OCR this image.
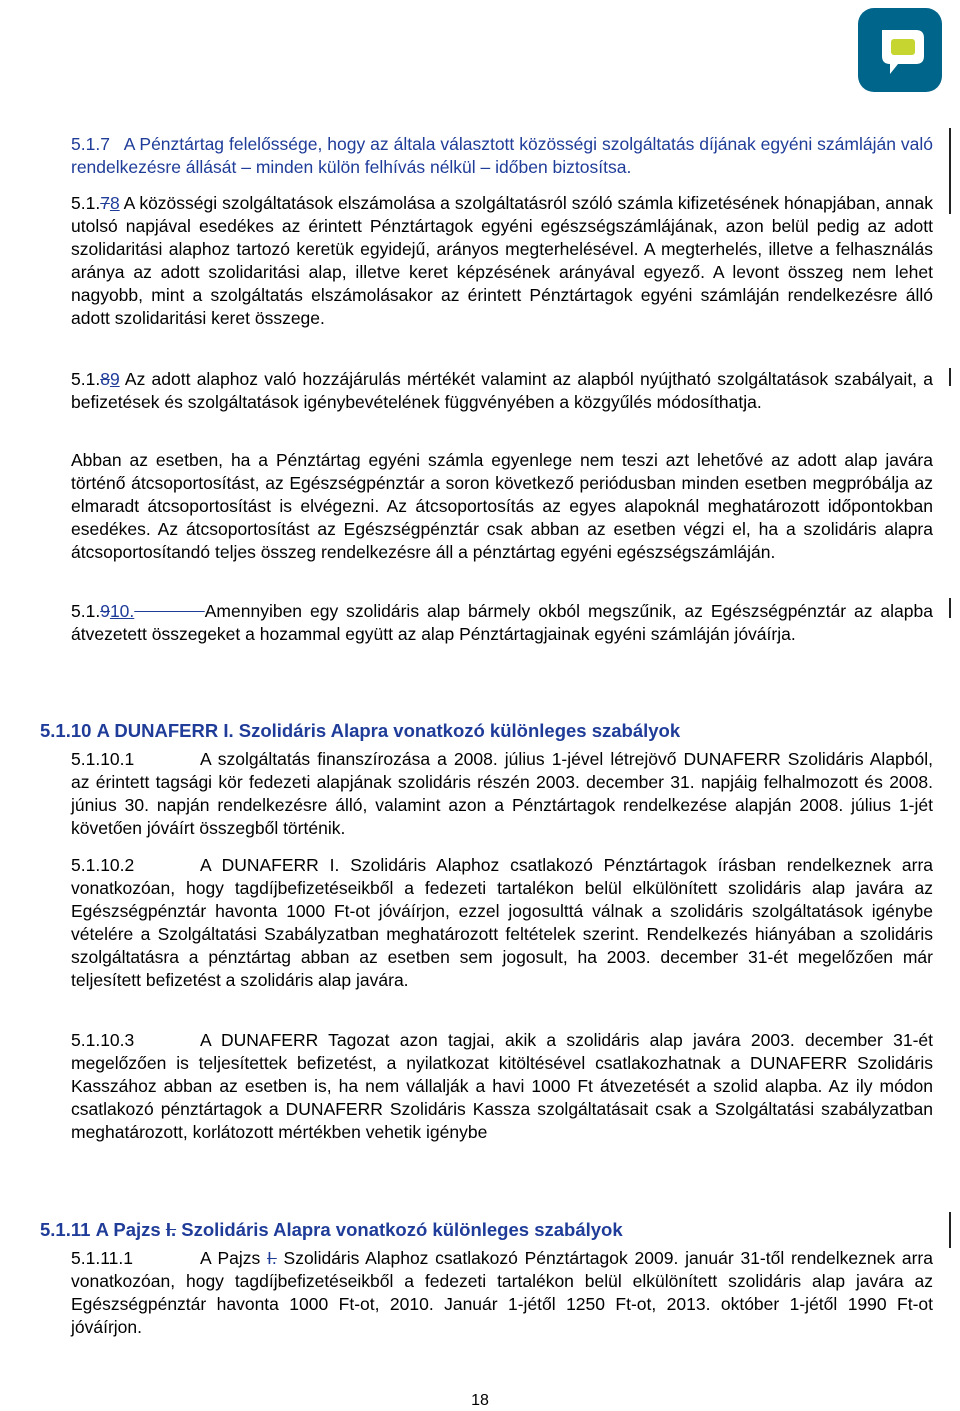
5.1.7 A Pénztártag felelőssége, hogy az általa választott közösségi szolgáltatás díjának egyéni számláján való rendelkezésre állását – minden külön felhívás nélkül – időben biztosítsa.
5.1.78 A közösségi szolgáltatások elszámolása a szolgáltatásról szóló számla kifizetésének hónapjában, annak utolsó napjával esedékes az érintett Pénztártagok egyéni egészségszámlájának, azon belül pedig az adott szolidaritási alaphoz tartozó keretük egyidejű, arányos megterhelésével. A megterhelés, illetve a felhasználás aránya az adott szolidaritási alap, illetve keret képzésének arányával egyező. A levont összeg nem lehet nagyobb, mint a szolgáltatás elszámolásakor az érintett Pénztártagok egyéni számláján rendelkezésre álló adott szolidaritási keret összege.
5.1.89 Az adott alaphoz való hozzájárulás mértékét valamint az alapból nyújtható szolgáltatások szabályait, a befizetések és szolgáltatások igénybevételének függvényében a közgyűlés módosíthatja.
Abban az esetben, ha a Pénztártag egyéni számla egyenlege nem teszi azt lehetővé az adott alap javára történő átcsoportosítást, az Egészségpénztár a soron következő periódusban minden esetben megpróbálja az elmaradt átcsoportosítást is elvégezni. Az átcsoportosítás az egyes alapoknál meghatározott időpontokban esedékes. Az átcsoportosítást az Egészségpénztár csak abban az esetben végzi el, ha a szolidáris alapra átcsoportosítandó teljes összeg rendelkezésre áll a pénztártag egyéni egészségszámláján.
5.1.910.	Amennyiben egy szolidáris alap bármely okból megszűnik, az Egészségpénztár az alapba átvezetett összegeket a hozammal együtt az alap Pénztártagjainak egyéni számláján jóváírja.
5.1.10 A DUNAFERR I. Szolidáris Alapra vonatkozó különleges szabályok
5.1.10.1	A szolgáltatás finanszírozása a 2008. július 1-jével létrejövő DUNAFERR Szolidáris Alapból, az érintett tagsági kör fedezeti alapjának szolidáris részén 2003. december 31. napjáig felhalmozott és 2008. június 30. napján rendelkezésre álló, valamint azon a Pénztártagok rendelkezése alapján 2008. július 1-jét követően jóváírt összegből történik.
5.1.10.2	A DUNAFERR I. Szolidáris Alaphoz csatlakozó Pénztártagok írásban rendelkeznek arra vonatkozóan, hogy tagdíjbefizetéseikből a fedezeti tartalékon belül elkülönített szolidáris alap javára az Egészségpénztár havonta 1000 Ft-ot jóváírjon, ezzel jogosulttá válnak a szolidáris szolgáltatások igénybe vételére a Szolgáltatási Szabályzatban meghatározott feltételek szerint. Rendelkezés hiányában a szolidáris szolgáltatásra a pénztártag abban az esetben sem jogosult, ha 2003. december 31-ét megelőzően már teljesített befizetést a szolidáris alap javára.
5.1.10.3	A DUNAFERR Tagozat azon tagjai, akik a szolidáris alap javára 2003. december 31-ét megelőzően is teljesítettek befizetést, a nyilatkozat kitöltésével csatlakozhatnak a DUNAFERR Szolidáris Kasszához abban az esetben is, ha nem vállalják a havi 1000 Ft átvezetését a szolid alapba. Az ily módon csatlakozó pénztártagok a DUNAFERR Szolidáris Kassza szolgáltatásait csak a Szolgáltatási szabályzatban meghatározott, korlátozott mértékben vehetik igénybe
5.1.11 A Pajzs I. Szolidáris Alapra vonatkozó különleges szabályok
5.1.11.1	A Pajzs I. Szolidáris Alaphoz csatlakozó Pénztártagok 2009. január 31-től rendelkeznek arra vonatkozóan, hogy tagdíjbefizetéseikből a fedezeti tartalékon belül elkülönített szolidáris alap javára az Egészségpénztár havonta 1000 Ft-ot, 2010. Január 1-jétől 1250 Ft-ot, 2013. október 1-jétől 1990 Ft-ot jóváírjon.
18
